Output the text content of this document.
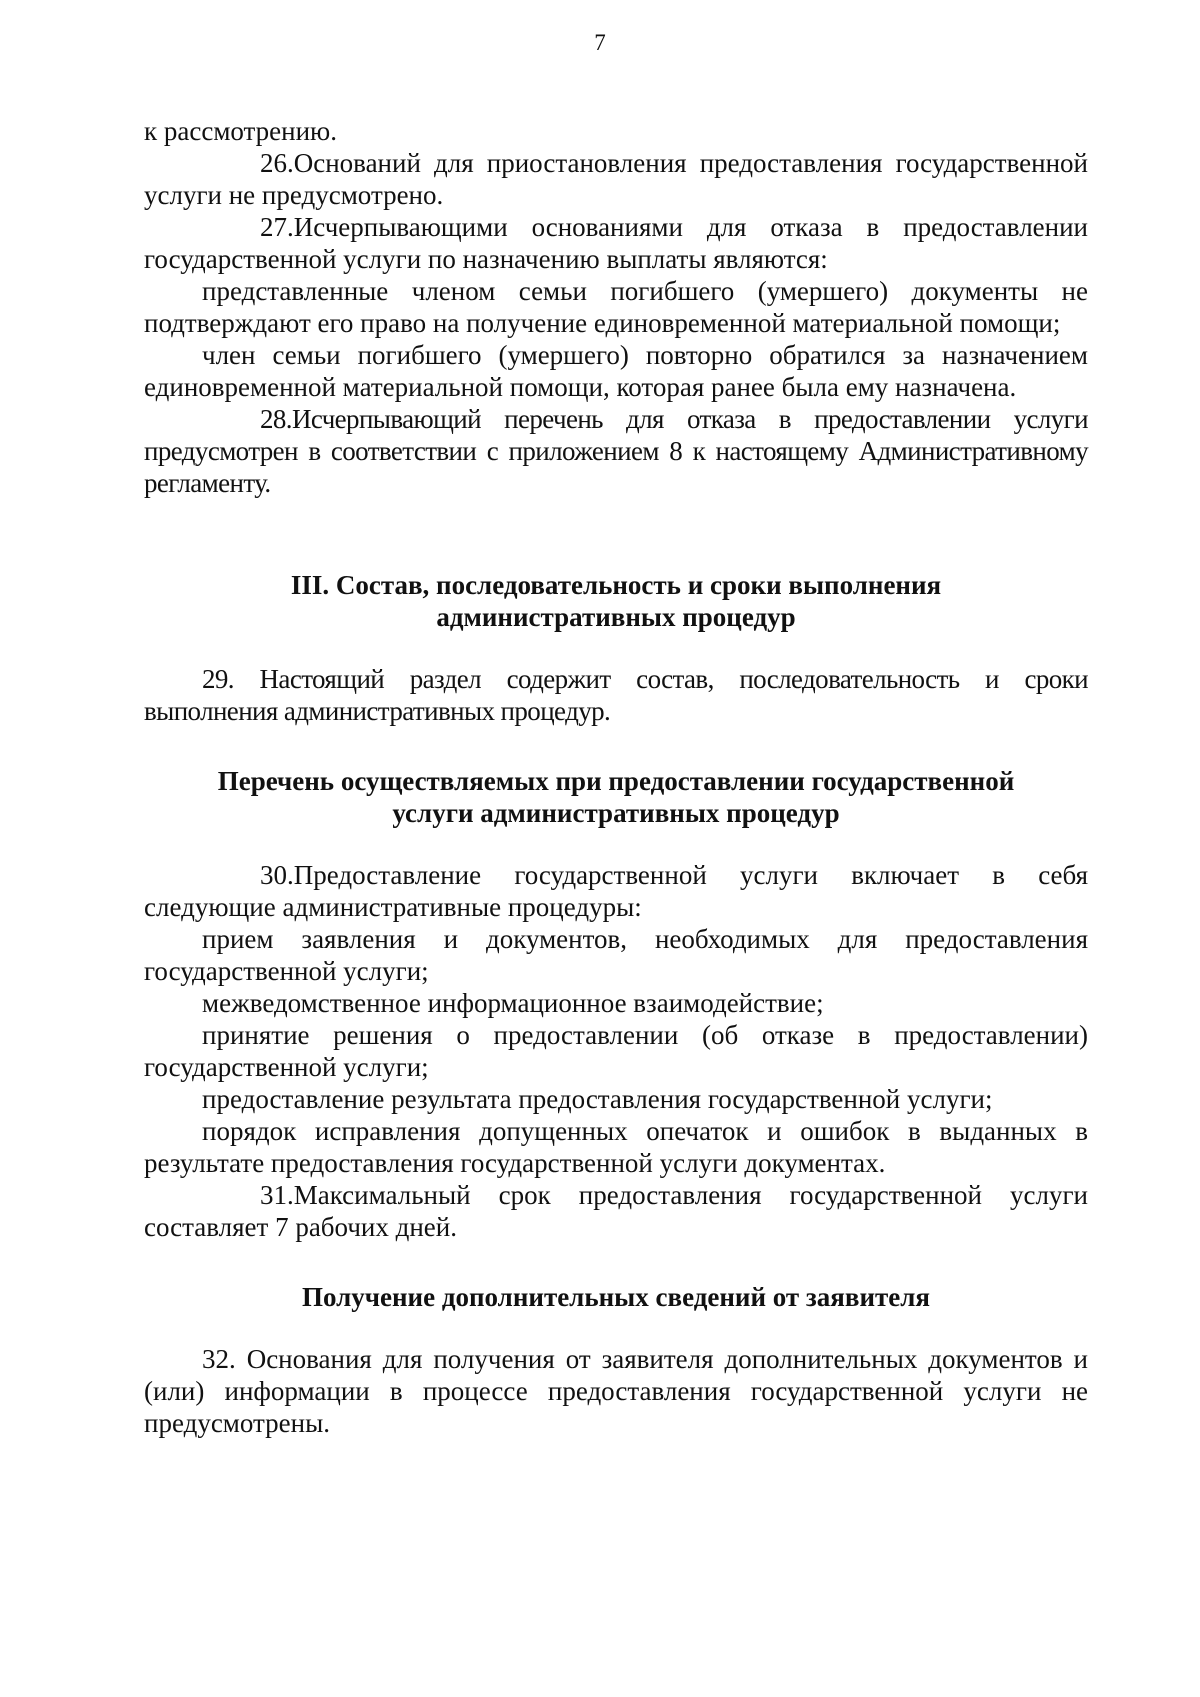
7

к рассмотрению.

26.Оснований для приостановления предоставления государственной услуги не предусмотрено.

27.Исчерпывающими основаниями для отказа в предоставлении государственной услуги по назначению выплаты являются:

представленные членом семьи погибшего (умершего) документы не подтверждают его право на получение единовременной материальной помощи;

член семьи погибшего (умершего) повторно обратился за назначением единовременной материальной помощи, которая ранее была ему назначена.

28.Исчерпывающий перечень для отказа в предоставлении услуги предусмотрен в соответствии с приложением 8 к настоящему Административному регламенту.

III. Состав, последовательность и сроки выполнения

административных процедур

29. Настоящий раздел содержит состав, последовательность и сроки выполнения административных процедур.

Перечень осуществляемых при предоставлении государственной

услуги административных процедур

30.Предоставление государственной услуги включает в себя следующие административные процедуры:

прием заявления и документов, необходимых для предоставления государственной услуги;

межведомственное информационное взаимодействие;

принятие решения о предоставлении (об отказе в предоставлении) государственной услуги;

предоставление результата предоставления государственной услуги;

порядок исправления допущенных опечаток и ошибок в выданных в результате предоставления государственной услуги документах.

31.Максимальный срок предоставления государственной услуги составляет 7 рабочих дней.

Получение дополнительных сведений от заявителя

32. Основания для получения от заявителя дополнительных документов и (или) информации в процессе предоставления государственной услуги не предусмотрены.
